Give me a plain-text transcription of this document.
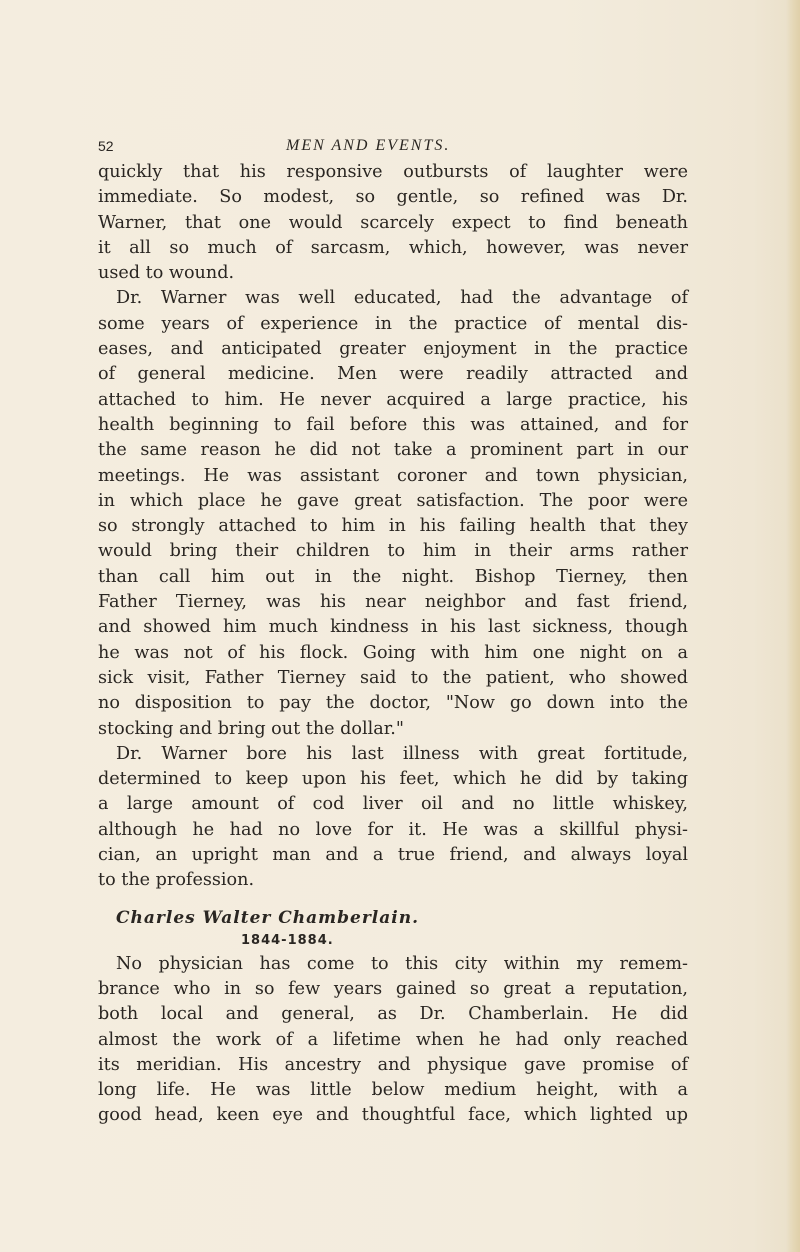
52	MEN AND EVENTS.
quickly that his responsive outbursts of laughter were
immediate. So modest, so gentle, so refined was Dr.
Warner, that one would scarcely expect to find beneath
it all so much of sarcasm, which, however, was never
used to wound.
Dr. Warner was well educated, had the advantage of
some years of experience in the practice of mental dis-
eases, and anticipated greater enjoyment in the practice
of general medicine. Men were readily attracted and
attached to him. He never acquired a large practice, his
health beginning to fail before this was attained, and for
the same reason he did not take a prominent part in our
meetings. He was assistant coroner and town physician,
in which place he gave great satisfaction. The poor were
so strongly attached to him in his failing health that they
would bring their children to him in their arms rather
than call him out in the night. Bishop Tierney, then
Father Tierney, was his near neighbor and fast friend,
and showed him much kindness in his last sickness, though
he was not of his flock. Going with him one night on a
sick visit, Father Tierney said to the patient, who showed
no disposition to pay the doctor, "Now go down into the
stocking and bring out the dollar."
Dr. Warner bore his last illness with great fortitude,
determined to keep upon his feet, which he did by taking
a large amount of cod liver oil and no little whiskey,
although he had no love for it. He was a skillful physi-
cian, an upright man and a true friend, and always loyal
to the profession.
Charles Walter Chamberlain.
1844-1884.
No physician has come to this city within my remem-
brance who in so few years gained so great a reputation,
both local and general, as Dr. Chamberlain. He did
almost the work of a lifetime when he had only reached
its meridian. His ancestry and physique gave promise of
long life. He was little below medium height, with a
good head, keen eye and thoughtful face, which lighted up
